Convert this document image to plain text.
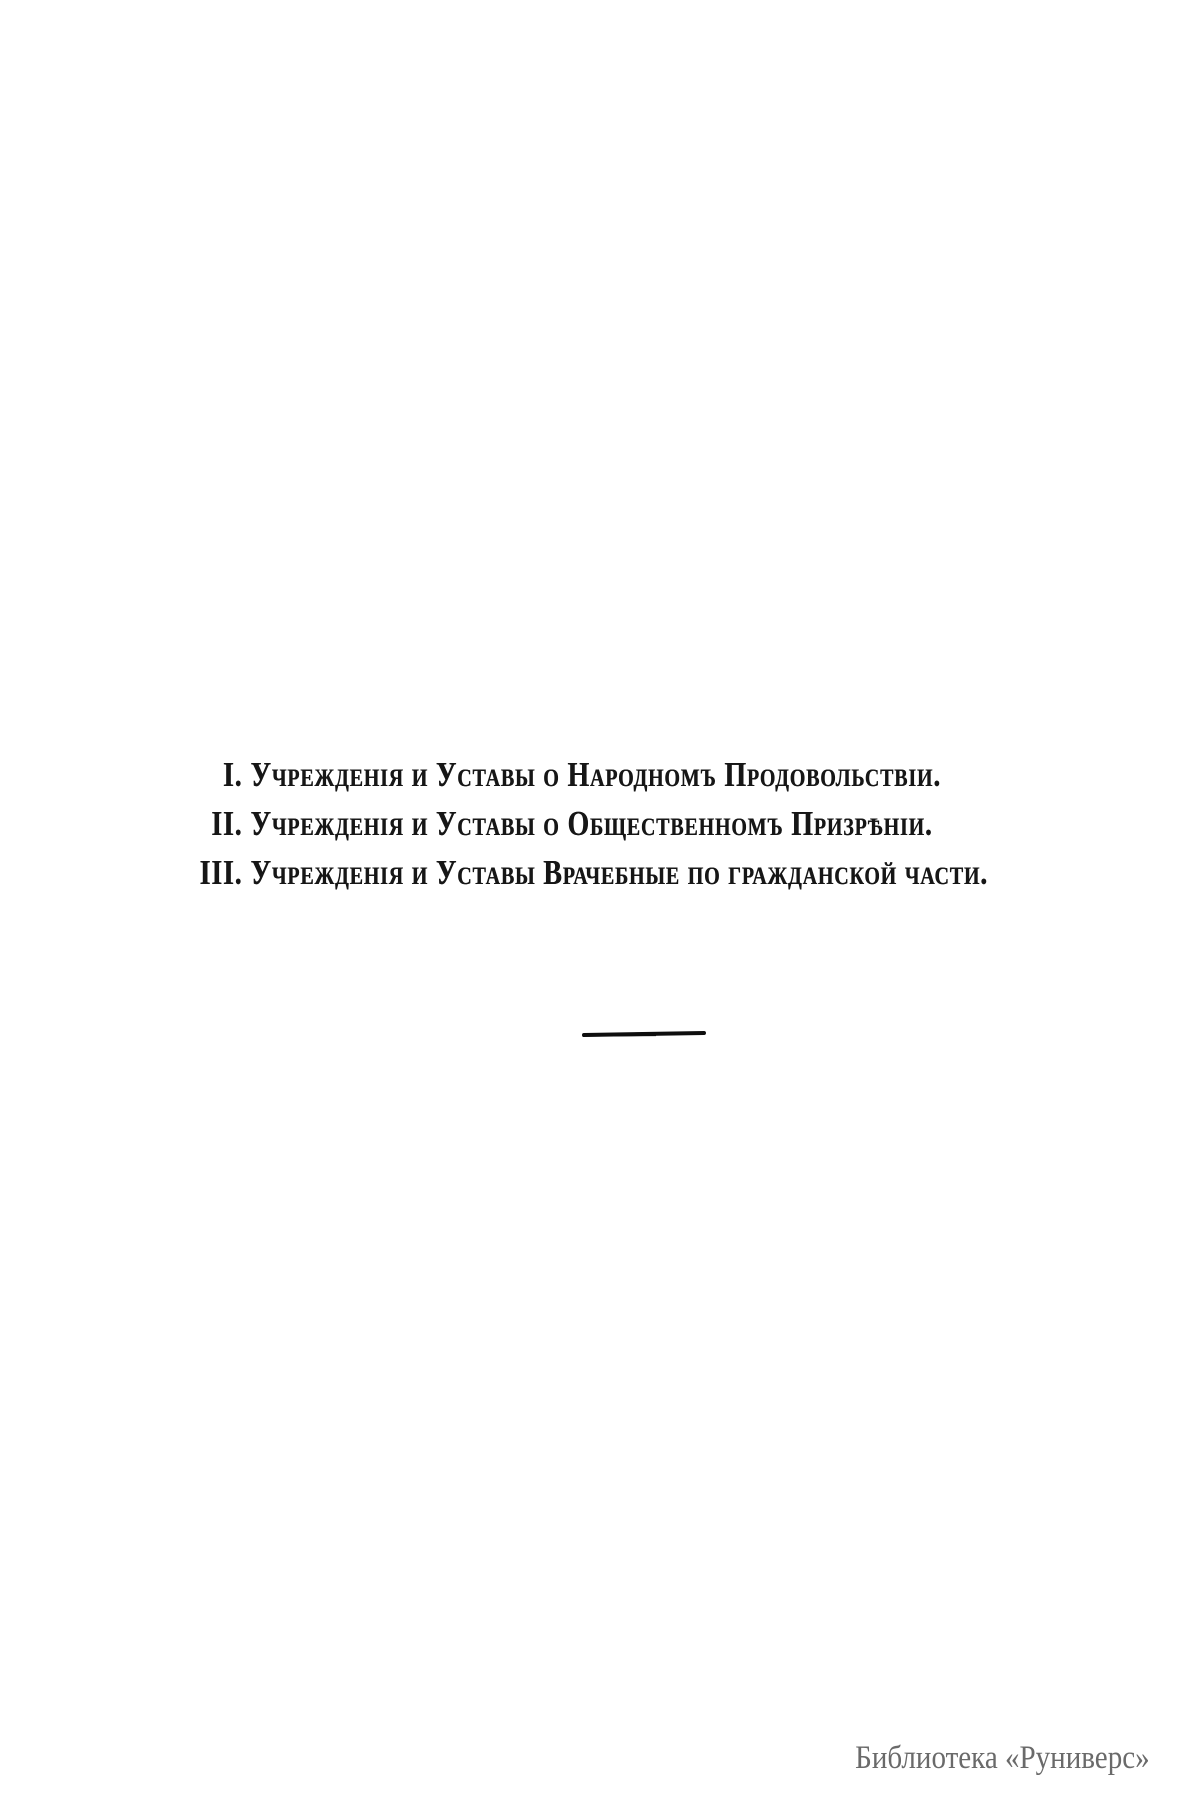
I. Учрежденія и Уставы о Народномъ Продовольствіи.
II. Учрежденія и Уставы о Общественномъ Призрѣніи.
III. Учрежденія и Уставы Врачебные по гражданской части.
Библиотека «Руниверс»
